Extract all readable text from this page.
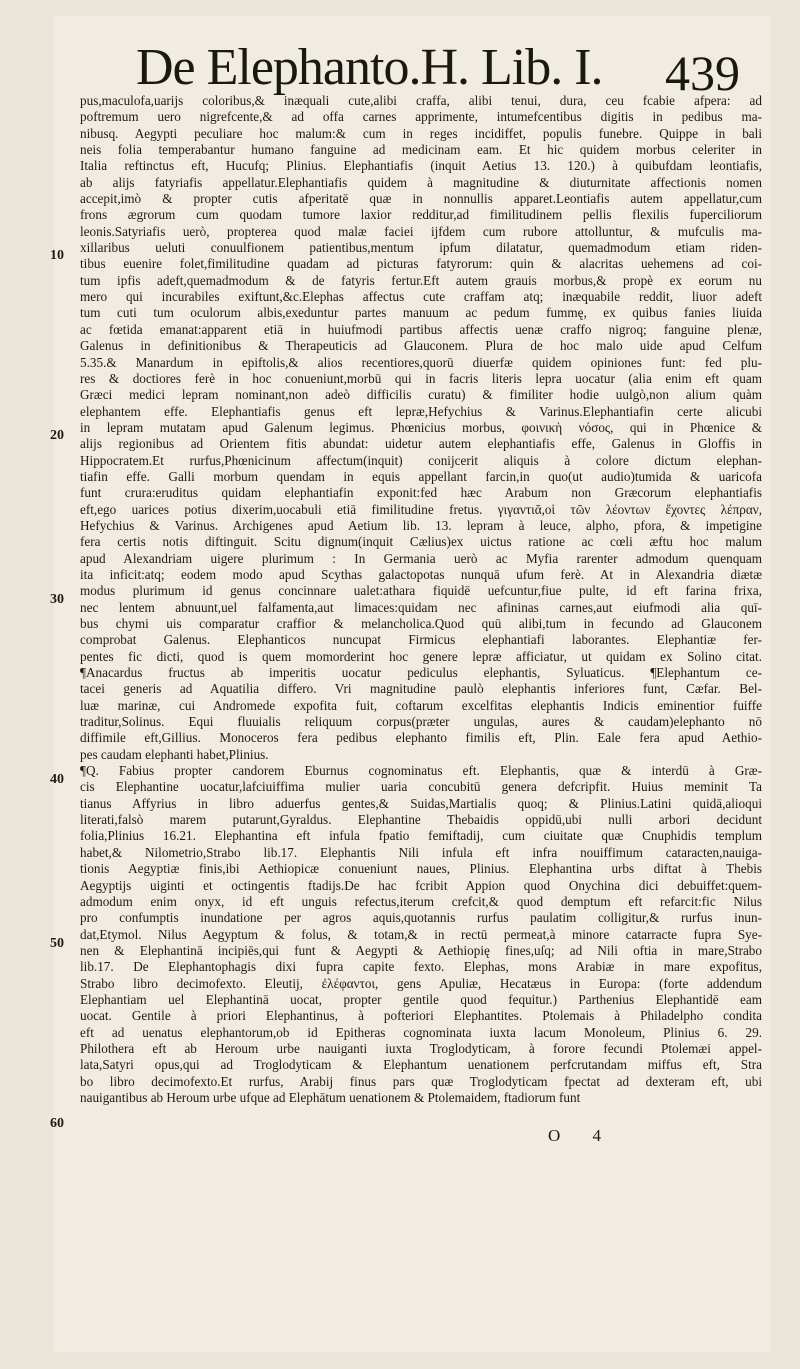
De Elephanto.H. Lib. I.	439
10
20
30
40
50
60
pus,maculofa,uarijs coloribus,& inæquali cute,alibi craffa, alibi tenui, dura, ceu fcabie afpera: ad
poftremum uero nigrefcente,& ad offa carnes apprimente, intumefcentibus digitis in pedibus ma-
nibusq. Aegypti peculiare hoc malum:& cum in reges incidiffet, populis funebre. Quippe in bali
neis folia temperabantur humano fanguine ad medicinam eam. Et hic quidem morbus celeriter in
Italia reftinctus eft, Hucufq; Plinius. Elephantiafis (inquit Aetius 13. 120.) à quibufdam leontiafis,
ab alijs fatyriafis appellatur.Elephantiafis quidem à magnitudine & diuturnitate affectionis nomen
accepit,imò & propter cutis afperitatē quæ in nonnullis apparet.Leontiafis autem appellatur,cum
frons ægrorum cum quodam tumore laxior redditur,ad fimilitudinem pellis flexilis fuperciliorum
leonis.Satyriafis uerò, propterea quod malæ faciei ijfdem cum rubore attolluntur, & mufculis ma-
xillaribus ueluti conuulfionem patientibus,mentum ipfum dilatatur, quemadmodum etiam riden-
tibus euenire folet,fimilitudine quadam ad picturas fatyrorum: quin & alacritas uehemens ad coi-
tum ipfis adeft,quemadmodum & de fatyris fertur.Eft autem grauis morbus,& propè ex eorum nu
mero qui incurabiles exiftunt,&c.Elephas affectus cute craffam atq; inæquabile reddit, liuor adeft
tum cuti tum oculorum albis,exeduntur partes manuum ac pedum fummę, ex quibus fanies liuida
ac fœtida emanat:apparent etiā in huiufmodi partibus affectis uenæ craffo nigroq; fanguine plenæ,
Galenus in definitionibus & Therapeuticis ad Glauconem. Plura de hoc malo uide apud Celfum
5.35.& Manardum in epiftolis,& alios recentiores,quorū diuerfæ quidem opiniones funt: fed plu-
res & doctiores ferè in hoc conueniunt,morbū qui in facris literis lepra uocatur (alia enim eft quam
Græci medici lepram nominant,non adeò difficilis curatu) & fimiliter hodie uulgò,non alium quàm
elephantem effe. Elephantiafis genus eft lepræ,Hefychius & Varinus.Elephantiafin certe alicubi
in lepram mutatam apud Galenum legimus. Phœnicius morbus, φοινικὴ νόσος, qui in Phœnice &
alijs regionibus ad Orientem fitis abundat: uidetur autem elephantiafis effe, Galenus in Gloffis in
Hippocratem.Et rurfus,Phœnicinum affectum(inquit) conijcerit aliquis à colore dictum elephan-
tiafin effe. Galli morbum quendam in equis appellant farcin,in quo(ut audio)tumida & uaricofa
funt crura:eruditus quidam elephantiafin exponit:fed hæc Arabum non Græcorum elephantiafis
eft,ego uarices potius dixerim,uocabuli etiā fimilitudine fretus. γιγαντιᾶ,οἱ τῶν λέοντων ἔχοντες λέπραν,
Hefychius & Varinus. Archigenes apud Aetium lib. 13. lepram à leuce, alpho, pfora, & impetigine
fera certis notis diftinguit. Scitu dignum(inquit Cælius)ex uictus ratione ac cœli æftu hoc malum
apud Alexandriam uigere plurimum : In Germania uerò ac Myfia rarenter admodum quenquam
ita inficit:atq; eodem modo apud Scythas galactopotas nunquā ufum ferè. At in Alexandria diætæ
modus plurimum id genus concinnare ualet:athara fiquidē uefcuntur,fiue pulte, id eft farina frixa,
nec lentem abnuunt,uel falfamenta,aut limaces:quidam nec afininas carnes,aut eiufmodi alia quī-
bus chymi uis comparatur craffior & melancholica.Quod quū alibi,tum in fecundo ad Glauconem
comprobat Galenus. Elephanticos nuncupat Firmicus elephantiafi laborantes. Elephantiæ fer-
pentes fic dicti, quod is quem momorderint hoc genere lepræ afficiatur, ut quidam ex Solino citat.
¶Anacardus fructus ab imperitis uocatur pediculus elephantis, Syluaticus. ¶Elephantum ce-
tacei generis ad Aquatilia differo. Vri magnitudine paulò elephantis inferiores funt, Cæfar. Bel-
luæ marinæ, cui Andromede expofita fuit, coftarum excelfitas elephantis Indicis eminentior fuiffe
traditur,Solinus. Equi fluuialis reliquum corpus(præter ungulas, aures & caudam)elephanto nō
diffimile eft,Gillius. Monoceros fera pedibus elephanto fimilis eft, Plin. Eale fera apud Aethio-
pes caudam elephanti habet,Plinius.
¶Q. Fabius propter candorem Eburnus cognominatus eft. Elephantis, quæ & interdū à Græ-
cis Elephantine uocatur,lafciuiffima mulier uaria concubitū genera defcripfit. Huius meminit Ta
tianus Affyrius in libro aduerfus gentes,& Suidas,Martialis quoq; & Plinius.Latini quidā,alioqui
literati,falsò marem putarunt,Gyraldus. Elephantine Thebaidis oppidū,ubi nulli arbori decidunt
folia,Plinius 16.21. Elephantina eft infula fpatio femiftadij, cum ciuitate quæ Cnuphidis templum
habet,& Nilometrio,Strabo lib.17. Elephantis Nili infula eft infra nouiffimum cataracten,nauiga-
tionis Aegyptiæ finis,ibi Aethiopicæ conueniunt naues, Plinius. Elephantina urbs diftat à Thebis
Aegyptijs uiginti et octingentis ftadijs.De hac fcribit Appion quod Onychina dici debuiffet:quem-
admodum enim onyx, id eft unguis refectus,iterum crefcit,& quod demptum eft refarcit:fic Nilus
pro confumptis inundatione per agros aquis,quotannis rurfus paulatim colligitur,& rurfus inun-
dat,Etymol. Nilus Aegyptum & folus, & totam,& in rectū permeat,à minore catarracte fupra Sye-
nen & Elephantinā incipiēs,qui funt & Aegypti & Aethiopię fines,uſq; ad Nili oftia in mare,Strabo
lib.17. De Elephantophagis dixi fupra capite fexto. Elephas, mons Arabiæ in mare expofitus,
Strabo libro decimofexto. Eleutij, ἐλέφαντοι, gens Apuliæ, Hecatæus in Europa: (forte addendum
Elephantiam uel Elephantinā uocat, propter gentile quod fequitur.) Parthenius Elephantidē eam
uocat. Gentile à priori Elephantinus, à pofteriori Elephantites. Ptolemais à Philadelpho condita
eft ad uenatus elephantorum,ob id Epitheras cognominata iuxta lacum Monoleum, Plinius 6. 29.
Philothera eft ab Heroum urbe nauiganti iuxta Troglodyticam, à forore fecundi Ptolemæi appel-
lata,Satyri opus,qui ad Troglodyticam & Elephantum uenationem perfcrutandam miffus eft, Stra
bo libro decimofexto.Et rurfus, Arabij finus pars quæ Troglodyticam fpectat ad dexteram eft, ubi
nauigantibus ab Heroum urbe ufque ad Elephātum uenationem & Ptolemaidem, ftadiorum funt
O 4
